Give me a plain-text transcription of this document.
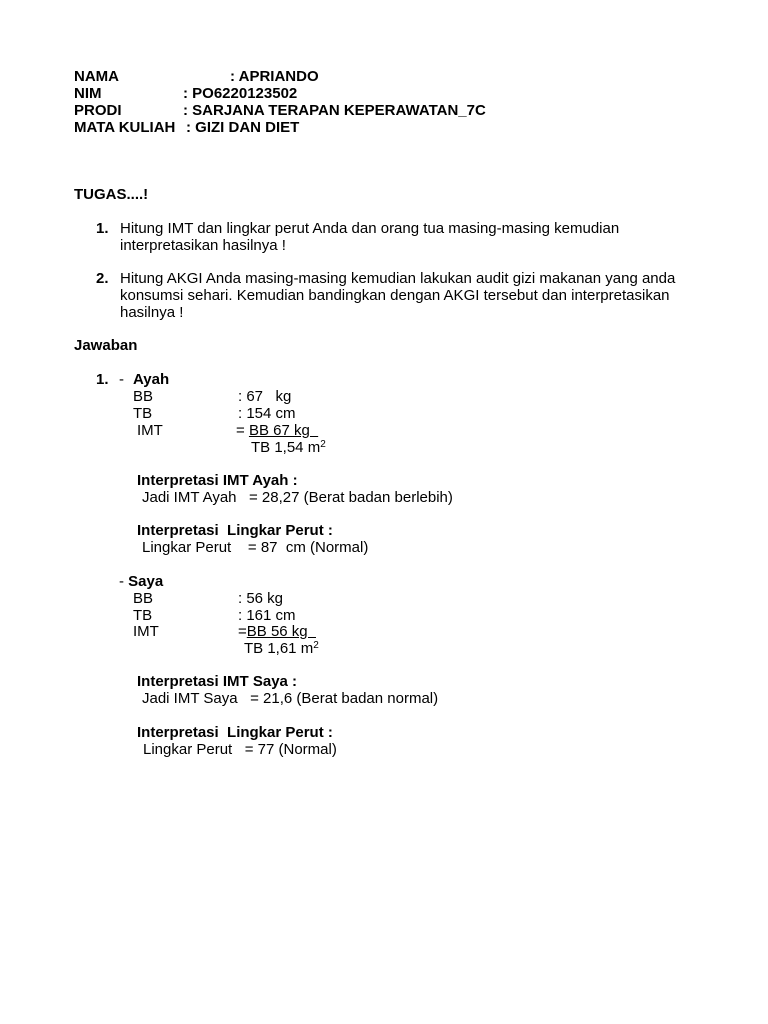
NAMA	: APRIANDO
NIM	: PO6220123502
PRODI	: SARJANA TERAPAN KEPERAWATAN_7C
MATA KULIAH : GIZI DAN DIET
TUGAS....!
1. Hitung IMT dan lingkar perut Anda dan orang tua masing-masing kemudian
interpretasikan hasilnya !
2. Hitung AKGI Anda masing-masing kemudian lakukan audit gizi makanan yang anda
konsumsi sehari. Kemudian bandingkan dengan AKGI tersebut dan interpretasikan
hasilnya !
Jawaban
1. - Ayah
BB	: 67   kg
TB	: 154 cm
IMT	= BB 67 kg
TB 1,54 $m^2$
Interpretasi IMT Ayah :
Jadi IMT Ayah   = 28,27 (Berat badan berlebih)
Interpretasi  Lingkar Perut :
Lingkar Perut    = 87  cm (Normal)
- Saya
BB	: 56 kg
TB	: 161 cm
IMT	=BB 56 kg
TB 1,61 $m^2$
Interpretasi IMT Saya :
Jadi IMT Saya   = 21,6 (Berat badan normal)
Interpretasi  Lingkar Perut :
Lingkar Perut   = 77 (Normal)
